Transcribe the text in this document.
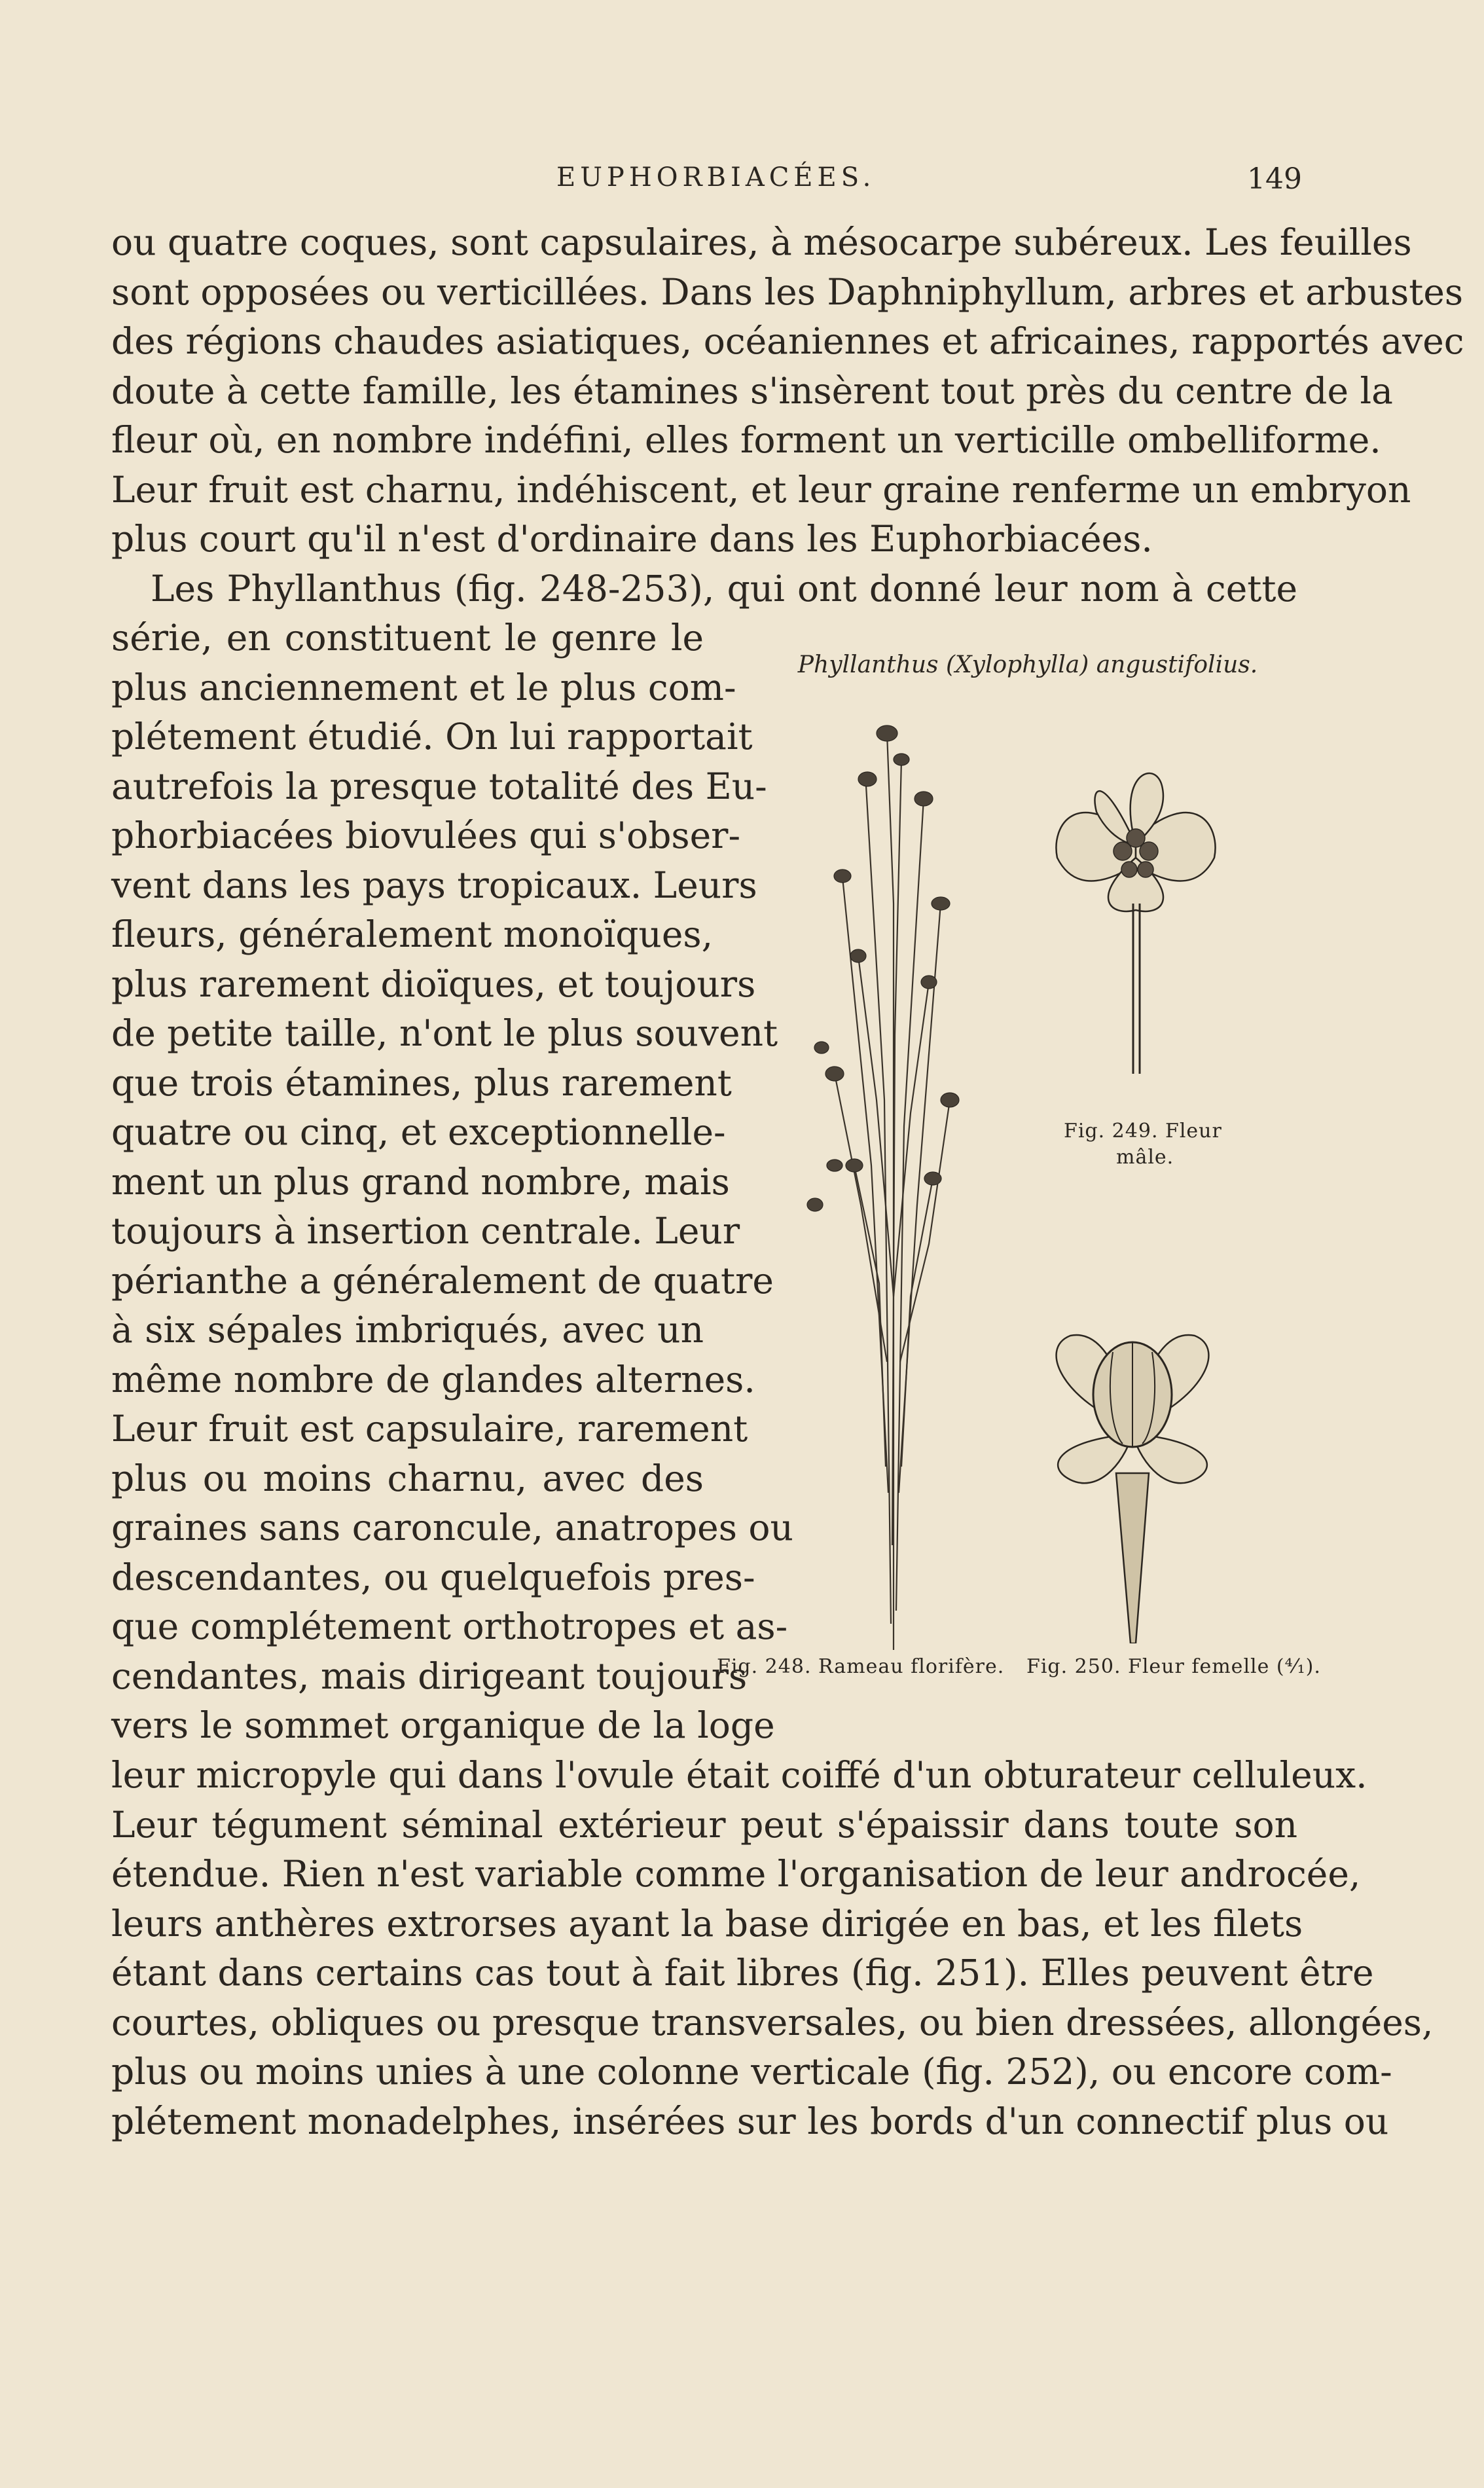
EUPHORBIACÉES.	149
ou quatre coques, sont capsulaires, à mésocarpe subéreux. Les feuilles
sont opposées ou verticillées. Dans les Daphniphyllum, arbres et arbustes
des régions chaudes asiatiques, océaniennes et africaines, rapportés avec
doute à cette famille, les étamines s'insèrent tout près du centre de la
fleur où, en nombre indéfini, elles forment un verticille ombelliforme.
Leur fruit est charnu, indéhiscent, et leur graine renferme un embryon
plus court qu'il n'est d'ordinaire dans les Euphorbiacées.
Les Phyllanthus (fig. 248-253), qui ont donné leur nom à cette
série, en constituent le genre le
plus anciennement et le plus com-
plétement étudié. On lui rapportait
autrefois la presque totalité des Eu-
phorbiacées biovulées qui s'obser-
vent dans les pays tropicaux. Leurs
fleurs, généralement monoïques,
plus rarement dioïques, et toujours
de petite taille, n'ont le plus souvent
que trois étamines, plus rarement
quatre ou cinq, et exceptionnelle-
ment un plus grand nombre, mais
toujours à insertion centrale. Leur
périanthe a généralement de quatre
à six sépales imbriqués, avec un
même nombre de glandes alternes.
Leur fruit est capsulaire, rarement
plus ou moins charnu, avec des
graines sans caroncule, anatropes ou
descendantes, ou quelquefois pres-
que complétement orthotropes et as-
cendantes, mais dirigeant toujours
vers le sommet organique de la loge
leur micropyle qui dans l'ovule était coiffé d'un obturateur celluleux.
Leur tégument séminal extérieur peut s'épaissir dans toute son
étendue. Rien n'est variable comme l'organisation de leur androcée,
leurs anthères extrorses ayant la base dirigée en bas, et les filets
étant dans certains cas tout à fait libres (fig. 251). Elles peuvent être
courtes, obliques ou presque transversales, ou bien dressées, allongées,
plus ou moins unies à une colonne verticale (fig. 252), ou encore com-
plétement monadelphes, insérées sur les bords d'un connectif plus ou
Phyllanthus (Xylophylla) angustifolius.
Fig. 249. Fleur
mâle.
Fig. 248. Rameau florifère. Fig. 250. Fleur femelle (⁴⁄₁).
